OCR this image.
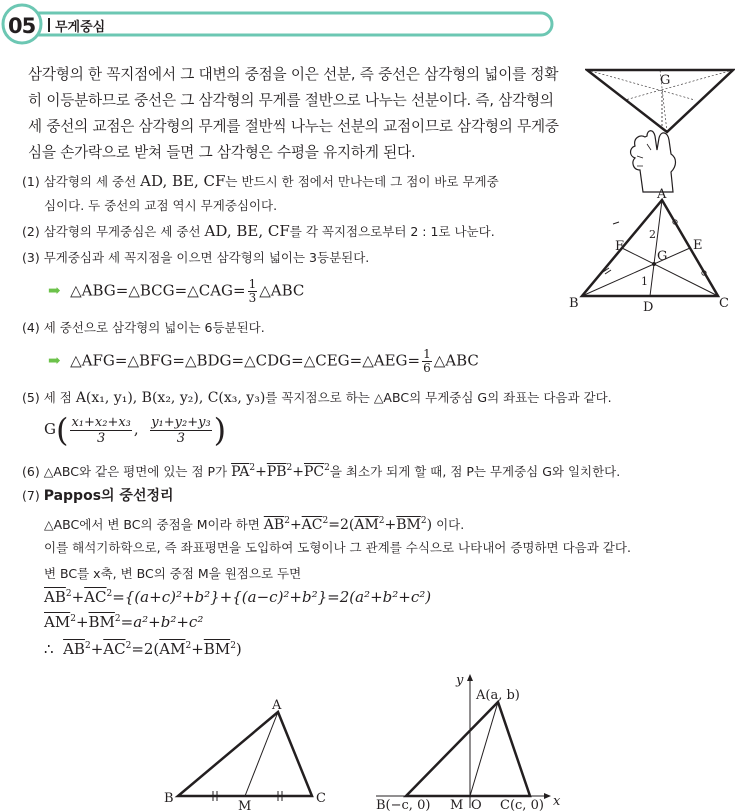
05 무게중심
삼각형의 한 꼭지점에서 그 대변의 중점을 이은 선분, 즉 중선은 삼각형의 넓이를 정확히 이등분하므로 중선은 그 삼각형의 무게를 절반으로 나누는 선분이다. 즉, 삼각형의 세 중선의 교점은 삼각형의 무게를 절반씩 나누는 선분의 교점이므로 삼각형의 무게중심을 손가락으로 받쳐 들면 그 삼각형은 수평을 유지하게 된다.
G
(1) 삼각형의 세 중선 AD, BE, CF는 반드시 한 점에서 만나는데 그 점이 바로 무게중
심이다. 두 중선의 교점 역시 무게중심이다.
(2) 삼각형의 무게중심은 세 중선 AD, BE, CF를 각 꼭지점으로부터 2 : 1로 나눈다.
(3) 무게중심과 세 꼭지점을 이으면 삼각형의 넓이는 3등분된다.
➡ △ABG=△BCG=△CAG= $\frac{1}{3}$ △ABC
(4) 세 중선으로 삼각형의 넓이는 6등분된다.
➡ △AFG=△BFG=△BDG=△CDG=△CEG=△AEG= $\frac{1}{6}$ △ABC
A
B	C
D
E
F
G
2
1
(5) 세 점 A(x₁, y₁), B(x₂, y₂), C(x₃, y₃)를 꼭지점으로 하는 △ABC의 무게중심 G의 좌표는 다음과 같다.
$G( \frac{\text{x₁+x₂+x₃}}{3}$ , $\frac{\text{y₁+y₂+y₃}}{3}$ )
(6) △ABC와 같은 평면에 있는 점 P가 $\overline{PA}^2+\overline{PB}^2+\overline{PC}^2$을 최소가 되게 할 때, 점 P는 무게중심 G와 일치한다.
(7) Pappos의 중선정리
△ABC에서 변 BC의 중점을 M이라 하면 $\overline{AB}^2+\overline{AC}^2=2(\overline{AM}^2+\overline{BM}^2)$ 이다.
이를 해석기하학으로, 즉 좌표평면을 도입하여 도형이나 그 관계를 수식으로 나타내어 증명하면 다음과 같다.
변 BC를 x축, 변 BC의 중점 M을 원점으로 두면
$\overline{AB}^2+\overline{AC}^2=\{(a+c)^2+b^2\}+\{(a-c)^2+b^2\}=2(a^2+b^2+c^2)$
$\overline{AM}^2+\overline{BM}^2=a^2+b^2+c^2$
∴ $\overline{AB}^2+\overline{AC}^2=2(\overline{AM}^2+\overline{BM}^2)$
A
B	C
M
A(a, b)
B(−c, 0)	C(c, 0)
M O	x
y
